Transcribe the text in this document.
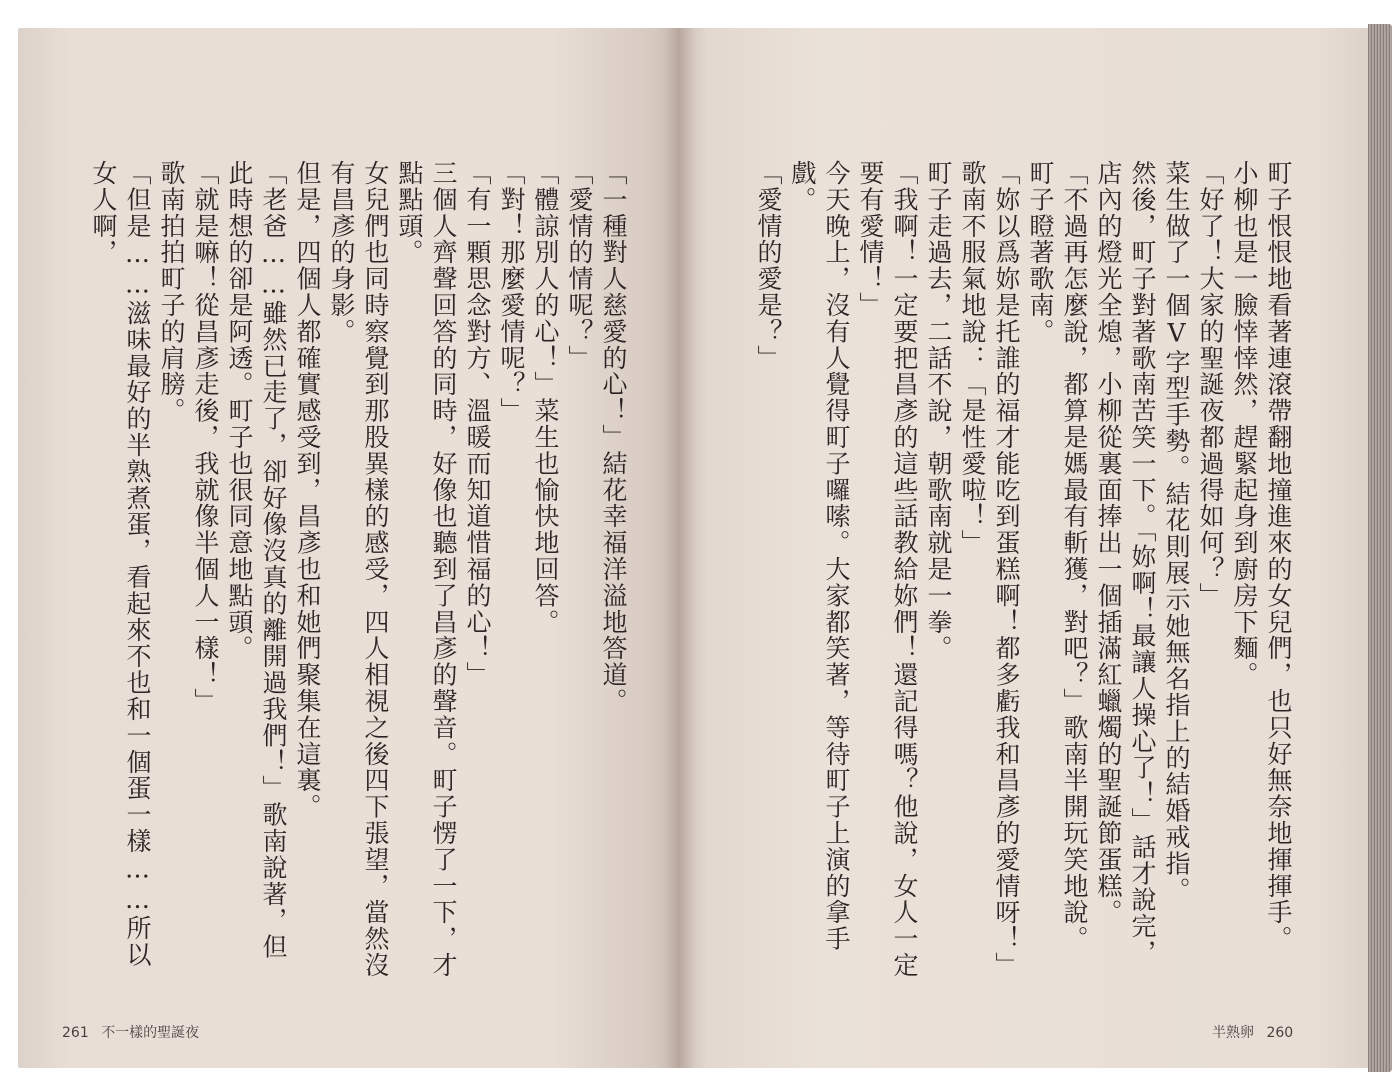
町子恨恨地看著連滾帶翻地撞進來的女兒們，也只好無奈地揮揮手。

小柳也是一臉悻悻然，趕緊起身到廚房下麵。

「好了！大家的聖誕夜都過得如何？」

菜生做了一個V字型手勢。結花則展示她無名指上的結婚戒指。

然後，町子對著歌南苦笑一下。「妳啊！最讓人操心了！」話才說完，店內的燈光全熄，小柳從裏面捧出一個插滿紅蠟燭的聖誕節蛋糕。

「不過再怎麼說，都算是媽最有斬獲，對吧？」歌南半開玩笑地說。

町子瞪著歌南。

「妳以爲妳是托誰的福才能吃到蛋糕啊！都多虧我和昌彥的愛情呀！」

歌南不服氣地說：「是性愛啦！」

町子走過去，二話不說，朝歌南就是一拳。

「我啊！一定要把昌彥的這些話教給妳們！還記得嗎？他說，女人一定要有愛情！」

今天晚上，沒有人覺得町子囉嗦。大家都笑著，等待町子上演的拿手戲。

「愛情的愛是？」

「一種對人慈愛的心！」結花幸福洋溢地答道。

「愛情的情呢？」

「體諒別人的心！」菜生也愉快地回答。

「對！那麼愛情呢？」

「有一顆思念對方、溫暖而知道惜福的心！」

三個人齊聲回答的同時，好像也聽到了昌彥的聲音。町子愣了一下，才點點頭。

女兒們也同時察覺到那股異樣的感受，四人相視之後四下張望，當然沒有昌彥的身影。

但是，四個人都確實感受到，昌彥也和她們聚集在這裏。

「老爸……雖然已走了，卻好像沒真的離開過我們！」歌南說著，但此時想的卻是阿透。町子也很同意地點頭。

「就是嘛！從昌彥走後，我就像半個人一樣！」

歌南拍拍町子的肩膀。

「但是……滋味最好的半熟煮蛋，看起來不也和一個蛋一樣……所以女人啊，

261 不一樣的聖誕夜	半熟卵 260
